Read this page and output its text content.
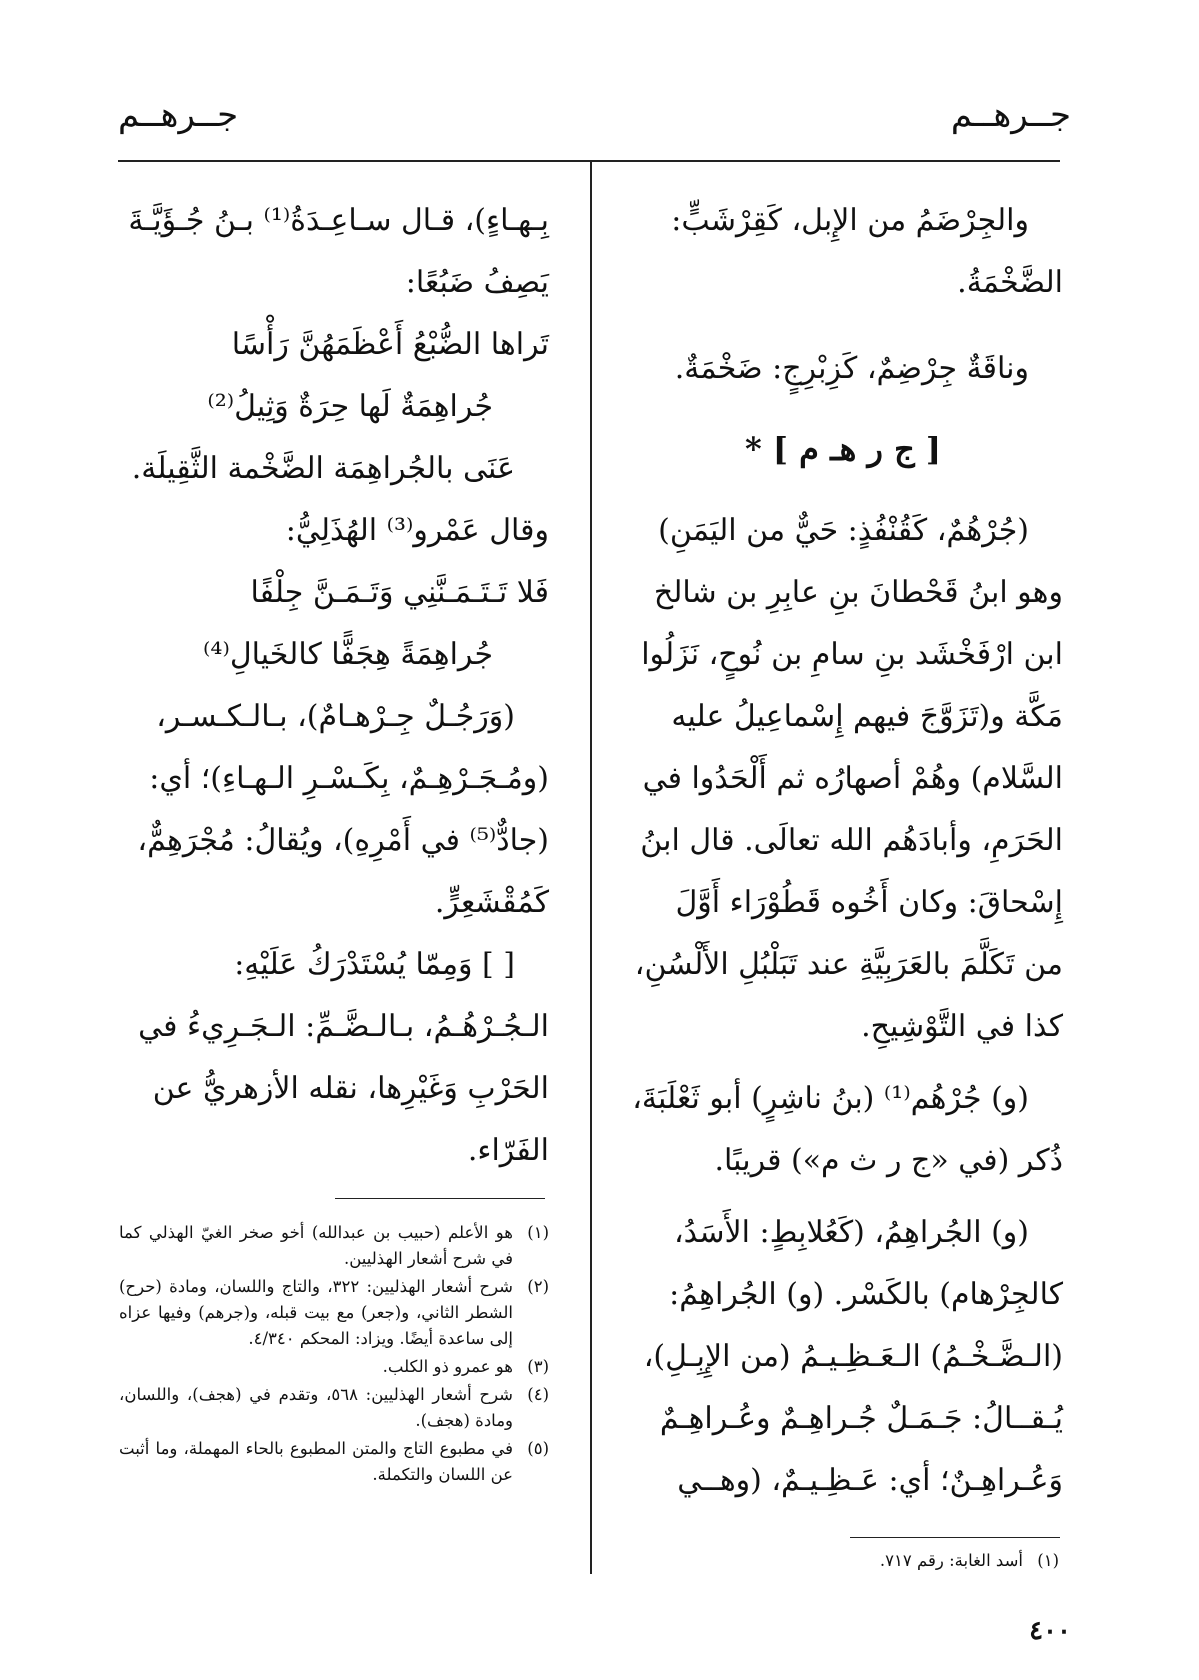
جــرهــم
جــرهــم

والجِرْضَمُ من الإِبل، كَقِرْشَبٍّ:

الضَّخْمَةُ.

وناقَةٌ جِرْضِمٌ، كَزِبْرِجٍ: ضَخْمَةٌ.

[ ج ر هـ م ] *

(جُرْهُمٌ، كَقُنْفُذٍ: حَيٌّ من اليَمَنِ)

وهو ابنُ قَحْطانَ بنِ عابِرِ بن شالخ

ابن ارْفَخْشَد بنِ سامِ بن نُوحٍ، نَزَلُوا

مَكَّة و(تَزَوَّجَ فيهم إِسْماعِيلُ عليه

السَّلام) وهُمْ أصهارُه ثم أَلْحَدُوا في

الحَرَمِ، وأبادَهُم الله تعالَى. قال ابنُ

إِسْحاقَ: وكان أَخُوه قَطُوْرَاء أَوَّلَ

من تَكَلَّمَ بالعَرَبِيَّةِ عند تَبَلْبُلِ الأَلْسُنِ،

كذا في التَّوْشِيحِ.

(و) جُرْهُم⁽¹⁾ (بنُ ناشِرٍ) أبو ثَعْلَبَةَ،

ذُكر (في «ج ر ث م») قريبًا.

(و) الجُراهِمُ، (كَعُلابِطٍ: الأَسَدُ،

كالجِرْهام) بالكَسْر. (و) الجُراهِمُ:

(الـضَّـخْـمُ) الـعَـظِـيـمُ (من الإِبِـلِ)،

يُـقــالُ: جَـمَـلٌ جُـراهِـمٌ وعُـراهِـمٌ

وَعُـراهِـنٌ؛ أي: عَـظِـيـمٌ، (وهــي

بِـهـاءٍ)، قـال سـاعِـدَةُ⁽¹⁾ بـنُ جُـؤَيَّـةَ

يَصِفُ ضَبُعًا:

تَراها الضُّبْعُ أَعْظَمَهُنَّ رَأْسًا

جُراهِمَةٌ لَها حِرَةٌ وَثِيلُ⁽²⁾

عَنَى بالجُراهِمَة الضَّخْمة الثَّقِيلَة.

وقال عَمْرو⁽³⁾ الهُذَلِيُّ:

فَلا تَـتَـمَـنَّنِي وَتَـمَـنَّ جِلْفًا

جُراهِمَةً هِجَفًّا كالخَيالِ⁽⁴⁾

(وَرَجُـلٌ جِـرْهـامٌ)، بـالـكـسـر،

(ومُـجَـرْهِـمٌ، بِكَـسْـرِ الـهـاءِ)؛ أي:

(جادٌّ⁽⁵⁾ في أَمْرِهِ)، ويُقالُ: مُجْرَهِمٌّ،

كَمُقْشَعِرٍّ.

[ ] وَمِمّا يُسْتَدْرَكُ عَلَيْهِ:

الـجُـرْهُـمُ، بـالـضَّـمِّ: الـجَـرِيءُ في

الحَرْبِ وَغَيْرِها، نقله الأزهريُّ عن

الفَرّاء.

(١)
هو الأعلم (حبيب بن عبدالله) أخو صخر الغيّ الهذلي كما في شرح أشعار الهذليين.
(٢)
شرح أشعار الهذليين: ٣٢٢، والتاج واللسان، ومادة (حرح) الشطر الثاني، و(جعر) مع بيت قبله، و(جرهم) وفيها عزاه إلى ساعدة أيضًا. ويزاد: المحكم ٤/٣٤٠.
(٣)
هو عمرو ذو الكلب.
(٤)
شرح أشعار الهذليين: ٥٦٨، وتقدم في (هجف)، واللسان، ومادة (هجف).
(٥)
في مطبوع التاج والمتن المطبوع بالحاء المهملة، وما أثبت عن اللسان والتكملة.
(١)
أسد الغابة: رقم ٧١٧.
٤٠٠
